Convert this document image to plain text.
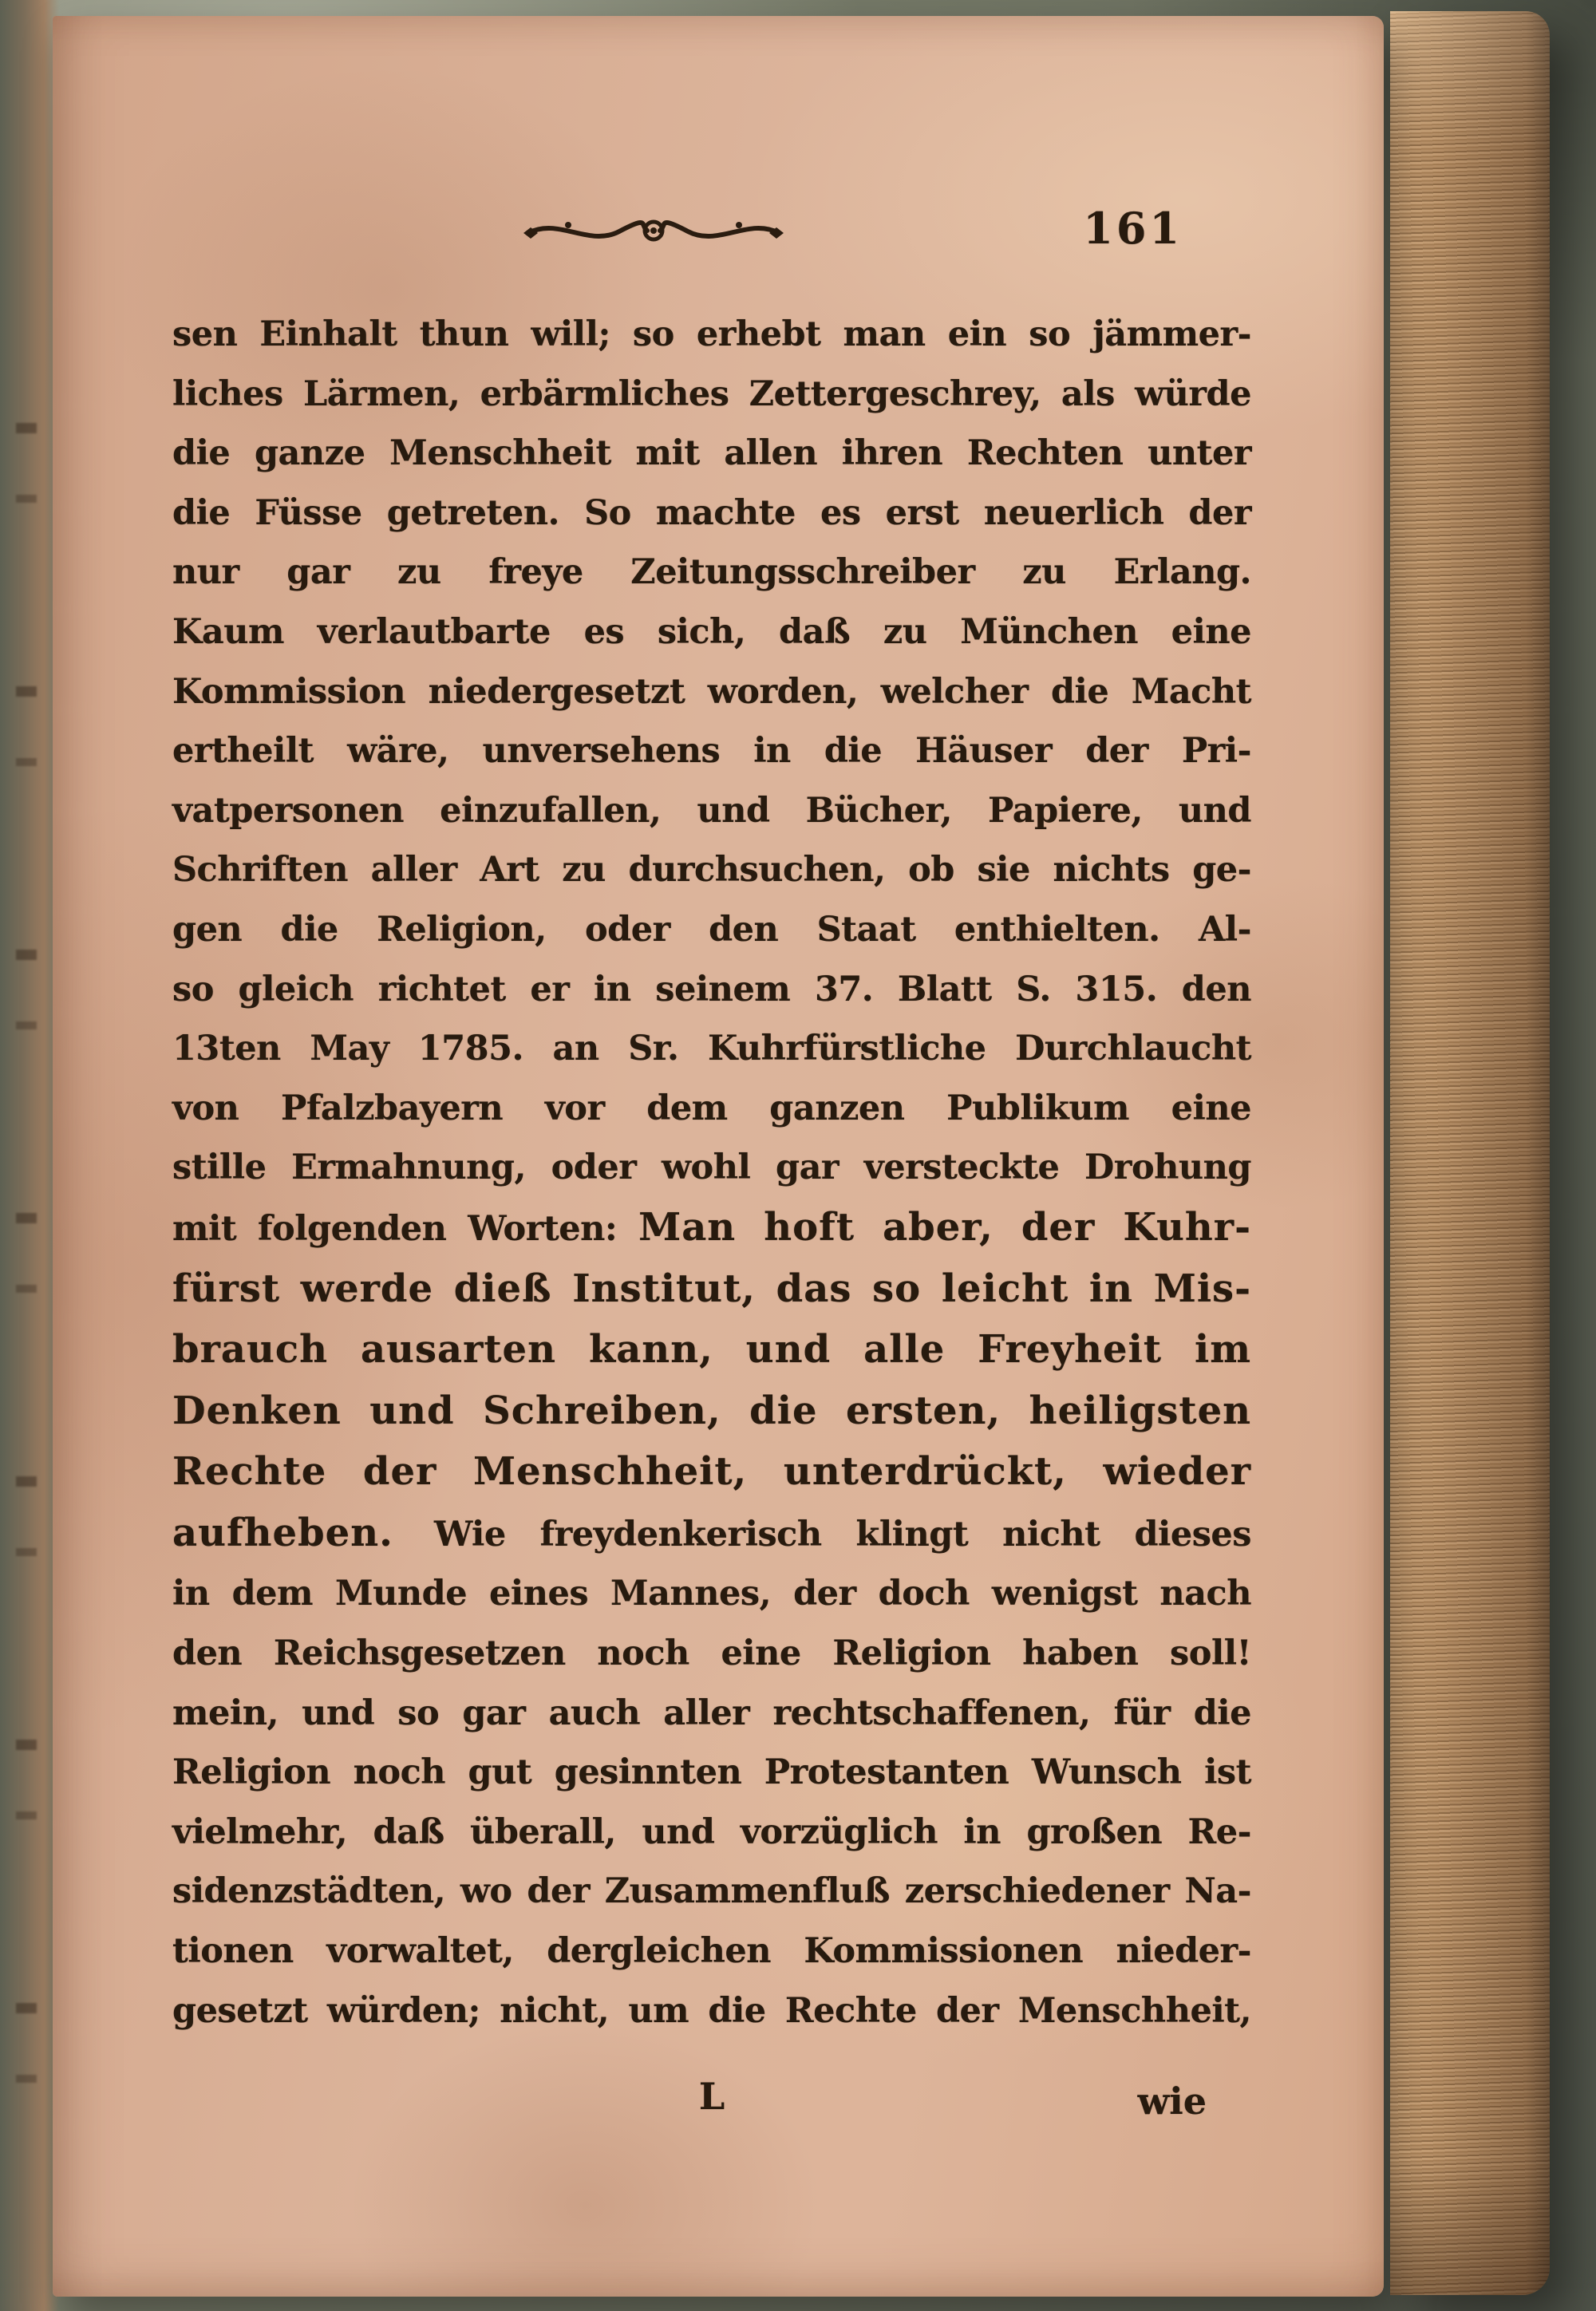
161
sen Einhalt thun will; so erhebt man ein so jämmer-
liches Lärmen, erbärmliches Zettergeschrey, als würde
die ganze Menschheit mit allen ihren Rechten unter
die Füsse getreten. So machte es erst neuerlich der
nur gar zu freye Zeitungsschreiber zu Erlang.
Kaum verlautbarte es sich, daß zu München eine
Kommission niedergesetzt worden, welcher die Macht
ertheilt wäre, unversehens in die Häuser der Pri-
vatpersonen einzufallen, und Bücher, Papiere, und
Schriften aller Art zu durchsuchen, ob sie nichts ge-
gen die Religion, oder den Staat enthielten. Al-
so gleich richtet er in seinem 37. Blatt S. 315. den
13ten May 1785. an Sr. Kuhrfürstliche Durchlaucht
von Pfalzbayern vor dem ganzen Publikum eine
stille Ermahnung, oder wohl gar versteckte Drohung
mit folgenden Worten: Man hoft aber, der Kuhr-
fürst werde dieß Institut, das so leicht in Mis-
brauch ausarten kann, und alle Freyheit im
Denken und Schreiben, die ersten, heiligsten
Rechte der Menschheit, unterdrückt, wieder
aufheben. Wie freydenkerisch klingt nicht dieses
in dem Munde eines Mannes, der doch wenigst nach
den Reichsgesetzen noch eine Religion haben soll!
mein, und so gar auch aller rechtschaffenen, für die
Religion noch gut gesinnten Protestanten Wunsch ist
vielmehr, daß überall, und vorzüglich in großen Re-
sidenzstädten, wo der Zusammenfluß zerschiedener Na-
tionen vorwaltet, dergleichen Kommissionen nieder-
gesetzt würden; nicht, um die Rechte der Menschheit,
L	wie
